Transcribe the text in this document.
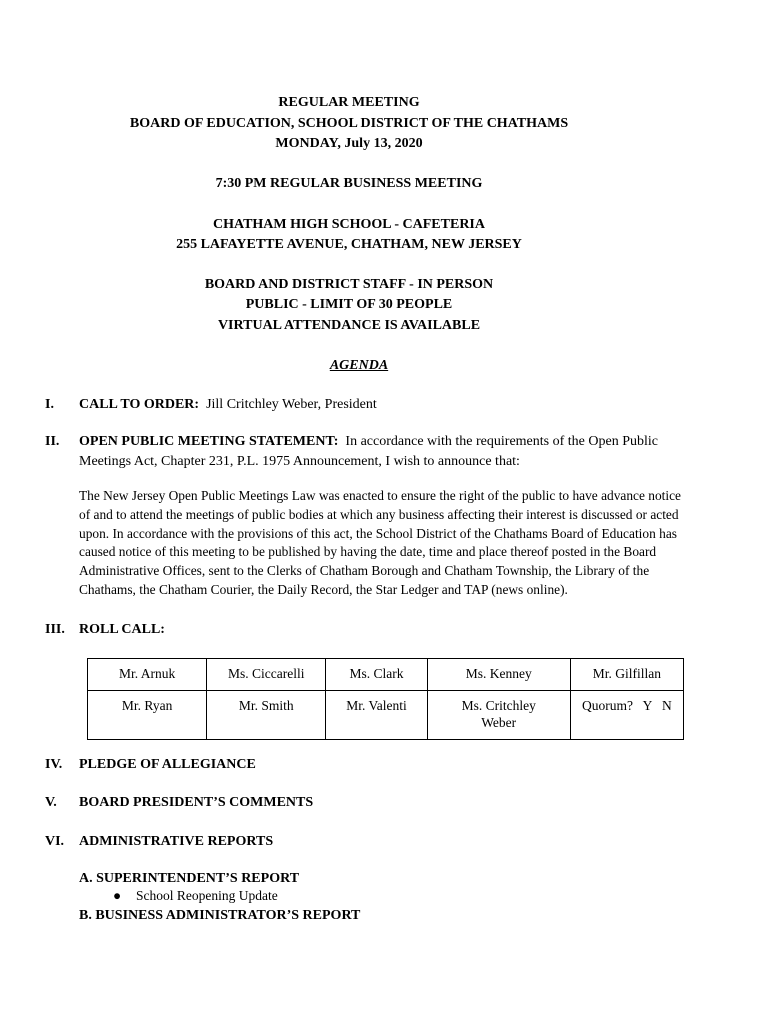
REGULAR MEETING
BOARD OF EDUCATION, SCHOOL DISTRICT OF THE CHATHAMS
MONDAY, July 13, 2020
7:30 PM REGULAR BUSINESS MEETING
CHATHAM HIGH SCHOOL - CAFETERIA
255 LAFAYETTE AVENUE, CHATHAM, NEW JERSEY
BOARD AND DISTRICT STAFF - IN PERSON
PUBLIC - LIMIT OF 30 PEOPLE
VIRTUAL ATTENDANCE IS AVAILABLE
AGENDA
I. CALL TO ORDER: Jill Critchley Weber, President
II. OPEN PUBLIC MEETING STATEMENT: In accordance with the requirements of the Open Public
Meetings Act, Chapter 231, P.L. 1975 Announcement, I wish to announce that:
The New Jersey Open Public Meetings Law was enacted to ensure the right of the public to have advance notice of and to attend the meetings of public bodies at which any business affecting their interest is discussed or acted upon. In accordance with the provisions of this act, the School District of the Chathams Board of Education has caused notice of this meeting to be published by having the date, time and place thereof posted in the Board Administrative Offices, sent to the Clerks of Chatham Borough and Chatham Township, the Library of the Chathams, the Chatham Courier, the Daily Record, the Star Ledger and TAP (news online).
III. ROLL CALL:
Mr. Arnuk	Ms. Ciccarelli	Ms. Clark	Ms. Kenney	Mr. Gilfillan
Mr. Ryan	Mr. Smith	Mr. Valenti	Ms. Critchley Weber	Quorum?   Y   N
IV. PLEDGE OF ALLEGIANCE
V. BOARD PRESIDENT’S COMMENTS
VI. ADMINISTRATIVE REPORTS
A. SUPERINTENDENT’S REPORT
● School Reopening Update
B. BUSINESS ADMINISTRATOR’S REPORT
